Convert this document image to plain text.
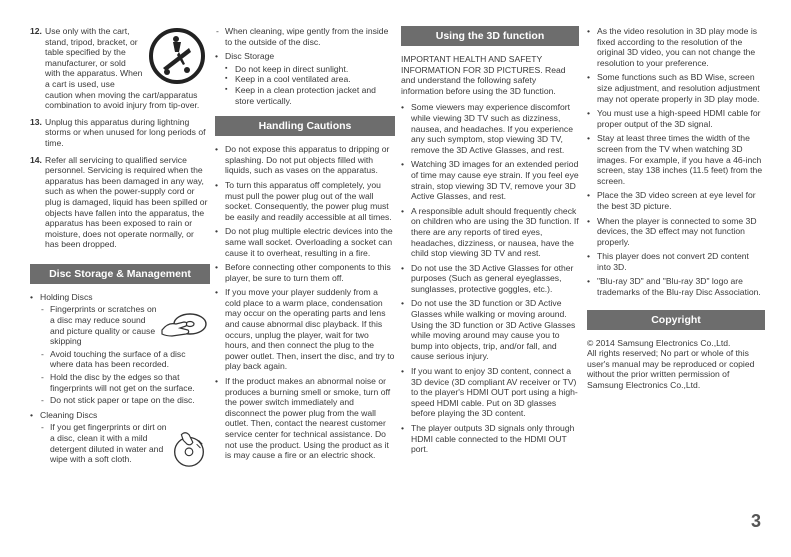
12. Use only with the cart, stand, tripod, bracket, or table specified by the manufacturer, or sold with the apparatus. When a cart is used, use
caution when moving the cart/apparatus combination to avoid injury from tip-over.
13. Unplug this apparatus during lightning storms or when unused for long periods of time.
14. Refer all servicing to qualified service personnel. Servicing is required when the apparatus has been damaged in any way, such as when the power-supply cord or plug is damaged, liquid has been spilled or objects have fallen into the apparatus, the apparatus has been exposed to rain or moisture, does not operate normally, or has been dropped.
Disc Storage & Management
• Holding Discs
- Fingerprints or scratches on a disc may reduce sound and picture quality or cause skipping
- Avoid touching the surface of a disc where data has been recorded.
- Hold the disc by the edges so that fingerprints will not get on the surface.
- Do not stick paper or tape on the disc.
• Cleaning Discs
- If you get fingerprints or dirt on a disc, clean it with a mild detergent diluted in water and wipe with a soft cloth.
- When cleaning, wipe gently from the inside to the outside of the disc.
• Disc Storage
▪ Do not keep in direct sunlight.
▪ Keep in a cool ventilated area.
▪ Keep in a clean protection jacket and store vertically.
Handling Cautions
• Do not expose this apparatus to dripping or splashing. Do not put objects filled with liquids, such as vases on the apparatus.
• To turn this apparatus off completely, you must pull the power plug out of the wall socket. Consequently, the power plug must be easily and readily accessible at all times.
• Do not plug multiple electric devices into the same wall socket. Overloading a socket can cause it to overheat, resulting in a fire.
• Before connecting other components to this player, be sure to turn them off.
• If you move your player suddenly from a cold place to a warm place, condensation may occur on the operating parts and lens and cause abnormal disc playback. If this occurs, unplug the player, wait for two hours, and then connect the plug to the power outlet. Then, insert the disc, and try to play back again.
• If the product makes an abnormal noise or produces a burning smell or smoke, turn off the power switch immediately and disconnect the power plug from the wall outlet. Then, contact the nearest customer service center for technical assistance. Do not use the product. Using the product as it is may cause a fire or an electric shock.
Using the 3D function
IMPORTANT HEALTH AND SAFETY INFORMATION FOR 3D PICTURES. Read and understand the following safety information before using the 3D function.
• Some viewers may experience discomfort while viewing 3D TV such as dizziness, nausea, and headaches. If you experience any such symptom, stop viewing 3D TV, remove the 3D Active Glasses, and rest.
• Watching 3D images for an extended period of time may cause eye strain. If you feel eye strain, stop viewing 3D TV, remove your 3D Active Glasses, and rest.
• A responsible adult should frequently check on children who are using the 3D function. If there are any reports of tired eyes, headaches, dizziness, or nausea, have the child stop viewing 3D TV and rest.
• Do not use the 3D Active Glasses for other purposes (Such as general eyeglasses, sunglasses, protective goggles, etc.).
• Do not use the 3D function or 3D Active Glasses while walking or moving around. Using the 3D function or 3D Active Glasses while moving around may cause you to bump into objects, trip, and/or fall, and cause serious injury.
• If you want to enjoy 3D content, connect a 3D device (3D compliant AV receiver or TV) to the player's HDMI OUT port using a high-speed HDMI cable. Put on 3D glasses before playing the 3D content.
• The player outputs 3D signals only through HDMI cable connected to the HDMI OUT port.
• As the video resolution in 3D play mode is fixed according to the resolution of the original 3D video, you can not change the resolution to your preference.
• Some functions such as BD Wise, screen size adjustment, and resolution adjustment may not operate properly in 3D play mode.
• You must use a high-speed HDMI cable for proper output of the 3D signal.
• Stay at least three times the width of the screen from the TV when watching 3D images. For example, if you have a 46-inch screen, stay 138 inches (11.5 feet) from the screen.
• Place the 3D video screen at eye level for the best 3D picture.
• When the player is connected to some 3D devices, the 3D effect may not function properly.
• This player does not convert 2D content into 3D.
• "Blu-ray 3D" and "Blu-ray 3D" logo are trademarks of the Blu-ray Disc Association.
Copyright
© 2014 Samsung Electronics Co.,Ltd.
All rights reserved; No part or whole of this user's manual may be reproduced or copied without the prior written permission of Samsung Electronics Co.,Ltd.
3
